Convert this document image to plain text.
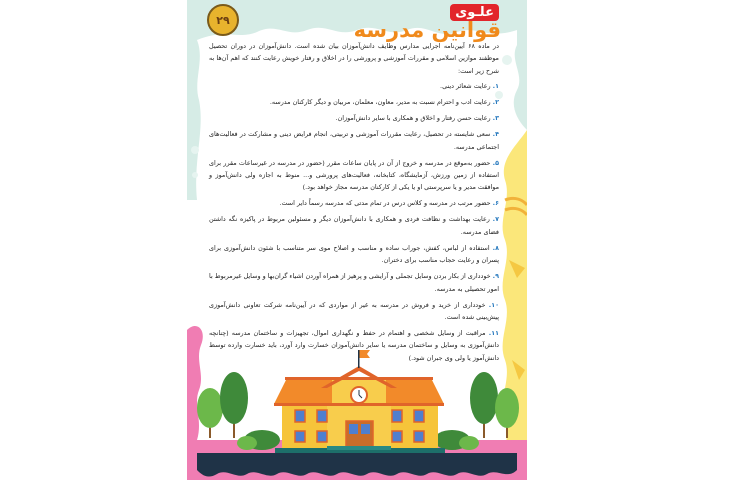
۲۹	علـوی
قوانین مدرسه

در ماده ۶۸ آیین‌نامه اجرایی مدارس وظایف دانش‌آموزان بیان شده است. دانش‌آموزان در دوران تحصیل موظفند موازین اسلامی و مقررات آموزشی و پرورشی را در اخلاق و رفتار خویش رعایت کنند که اهم آن‌ها به شرح زیر است:

۱. رعایت شعائر دینی.
۲. رعایت ادب و احترام نسبت به مدیر، معاون، معلمان، مربیان و دیگر کارکنان مدرسه.
۳. رعایت حسن رفتار و اخلاق و همکاری با سایر دانش‌آموزان.
۴. سعی شایسته در تحصیل، رعایت مقررات آموزشی و تربیتی، انجام فرایض دینی و مشارکت در فعالیت‌های اجتماعی مدرسه.
۵. حضور به‌موقع در مدرسه و خروج از آن در پایان ساعات مقرر (حضور در مدرسه در غیرساعات مقرر برای استفاده از زمین ورزش، آزمایشگاه، کتابخانه، فعالیت‌های پرورشی و... منوط به اجازه ولی دانش‌آموز و موافقت مدیر و یا سرپرستی او یا یکی از کارکنان مدرسه مجاز خواهد بود.)
۶. حضور مرتب در مدرسه و کلاس درس در تمام مدتی که مدرسه رسماً دایر است.
۷. رعایت بهداشت و نظافت فردی و همکاری با دانش‌آموزان دیگر و مسئولین مربوط در پاکیزه نگه داشتن فضای مدرسه.
۸. استفاده از لباس، کفش، جوراب ساده و مناسب و اصلاح موی سر متناسب با شئون دانش‌آموزی برای پسران و رعایت حجاب مناسب برای دختران.
۹. خودداری از بکار بردن وسایل تجملی و آرایشی و پرهیز از همراه آوردن اشیاء گران‌بها و وسایل غیرمربوط با امور تحصیلی به مدرسه.
۱۰. خودداری از خرید و فروش در مدرسه به غیر از مواردی که در آیین‌نامه شرکت تعاونی دانش‌آموزی پیش‌بینی شده است.
۱۱. مراقبت از وسایل شخصی و اهتمام در حفظ و نگهداری اموال، تجهیزات و ساختمان مدرسه (چنانچه دانش‌آموزی به وسایل و ساختمان مدرسه یا سایر دانش‌آموزان خسارت وارد آورد، باید خسارت وارده توسط دانش‌آموز یا ولی وی جبران شود.)
